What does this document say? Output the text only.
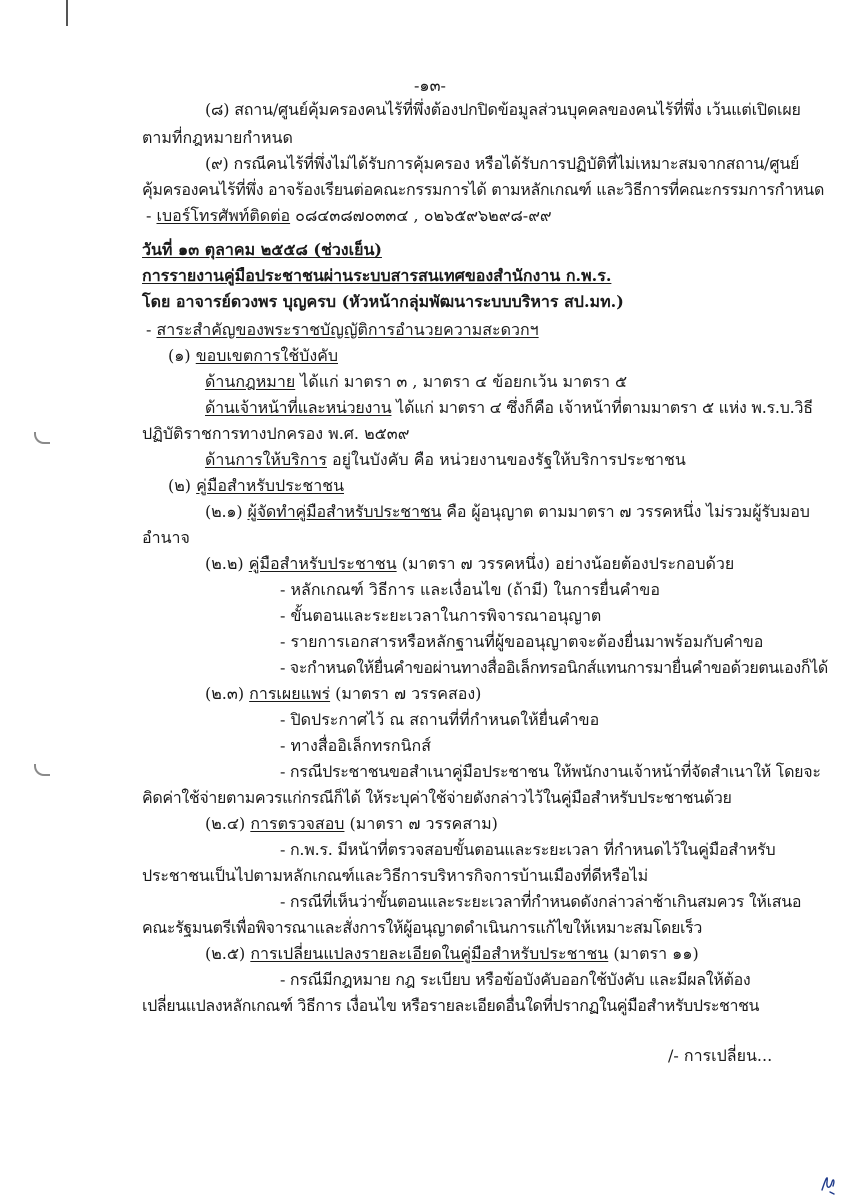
-๑๓-
(๘) สถาน/ศูนย์คุ้มครองคนไร้ที่พึ่งต้องปกปิดข้อมูลส่วนบุคคลของคนไร้ที่พึ่ง เว้นแต่เปิดเผย
ตามที่กฎหมายกำหนด
(๙) กรณีคนไร้ที่พึ่งไม่ได้รับการคุ้มครอง หรือได้รับการปฏิบัติที่ไม่เหมาะสมจากสถาน/ศูนย์
คุ้มครองคนไร้ที่พึ่ง อาจร้องเรียนต่อคณะกรรมการได้ ตามหลักเกณฑ์ และวิธีการที่คณะกรรมการกำหนด
- เบอร์โทรศัพท์ติดต่อ ๐๘๔๓๘๗๐๓๓๔ , ๐๒๖๕๙๖๒๙๘-๙๙
วันที่ ๑๓ ตุลาคม ๒๕๕๘ (ช่วงเย็น)
การรายงานคู่มือประชาชนผ่านระบบสารสนเทศของสำนักงาน ก.พ.ร.
โดย อาจารย์ดวงพร บุญครบ (หัวหน้ากลุ่มพัฒนาระบบบริหาร สป.มท.)
- สาระสำคัญของพระราชบัญญัติการอำนวยความสะดวกฯ
(๑) ขอบเขตการใช้บังคับ
ด้านกฎหมาย ได้แก่ มาตรา ๓ , มาตรา ๔ ข้อยกเว้น มาตรา ๕
ด้านเจ้าหน้าที่และหน่วยงาน ได้แก่ มาตรา ๔ ซึ่งก็คือ เจ้าหน้าที่ตามมาตรา ๕ แห่ง พ.ร.บ.วิธี
ปฏิบัติราชการทางปกครอง พ.ศ. ๒๕๓๙
ด้านการให้บริการ อยู่ในบังคับ คือ หน่วยงานของรัฐให้บริการประชาชน
(๒) คู่มือสำหรับประชาชน
(๒.๑) ผู้จัดทำคู่มือสำหรับประชาชน คือ ผู้อนุญาต ตามมาตรา ๗ วรรคหนึ่ง ไม่รวมผู้รับมอบ
อำนาจ
(๒.๒) คู่มือสำหรับประชาชน (มาตรา ๗ วรรคหนึ่ง) อย่างน้อยต้องประกอบด้วย
- หลักเกณฑ์ วิธีการ และเงื่อนไข (ถ้ามี) ในการยื่นคำขอ
- ขั้นตอนและระยะเวลาในการพิจารณาอนุญาต
- รายการเอกสารหรือหลักฐานที่ผู้ขออนุญาตจะต้องยื่นมาพร้อมกับคำขอ
- จะกำหนดให้ยื่นคำขอผ่านทางสื่ออิเล็กทรอนิกส์แทนการมายื่นคำขอด้วยตนเองก็ได้
(๒.๓) การเผยแพร่ (มาตรา ๗ วรรคสอง)
- ปิดประกาศไว้ ณ สถานที่ที่กำหนดให้ยื่นคำขอ
- ทางสื่ออิเล็กทรกนิกส์
- กรณีประชาชนขอสำเนาคู่มือประชาชน ให้พนักงานเจ้าหน้าที่จัดสำเนาให้ โดยจะ
คิดค่าใช้จ่ายตามควรแก่กรณีก็ได้ ให้ระบุค่าใช้จ่ายดังกล่าวไว้ในคู่มือสำหรับประชาชนด้วย
(๒.๔) การตรวจสอบ (มาตรา ๗ วรรคสาม)
- ก.พ.ร. มีหน้าที่ตรวจสอบขั้นตอนและระยะเวลา ที่กำหนดไว้ในคู่มือสำหรับ
ประชาชนเป็นไปตามหลักเกณฑ์และวิธีการบริหารกิจการบ้านเมืองที่ดีหรือไม่
- กรณีที่เห็นว่าขั้นตอนและระยะเวลาที่กำหนดดังกล่าวล่าช้าเกินสมควร ให้เสนอ
คณะรัฐมนตรีเพื่อพิจารณาและสั่งการให้ผู้อนุญาตดำเนินการแก้ไขให้เหมาะสมโดยเร็ว
(๒.๕) การเปลี่ยนแปลงรายละเอียดในคู่มือสำหรับประชาชน (มาตรา ๑๑)
- กรณีมีกฎหมาย กฎ ระเบียบ หรือข้อบังคับออกใช้บังคับ และมีผลให้ต้อง
เปลี่ยนแปลงหลักเกณฑ์ วิธีการ เงื่อนไข หรือรายละเอียดอื่นใดที่ปรากฏในคู่มือสำหรับประชาชน
/- การเปลี่ยน...
